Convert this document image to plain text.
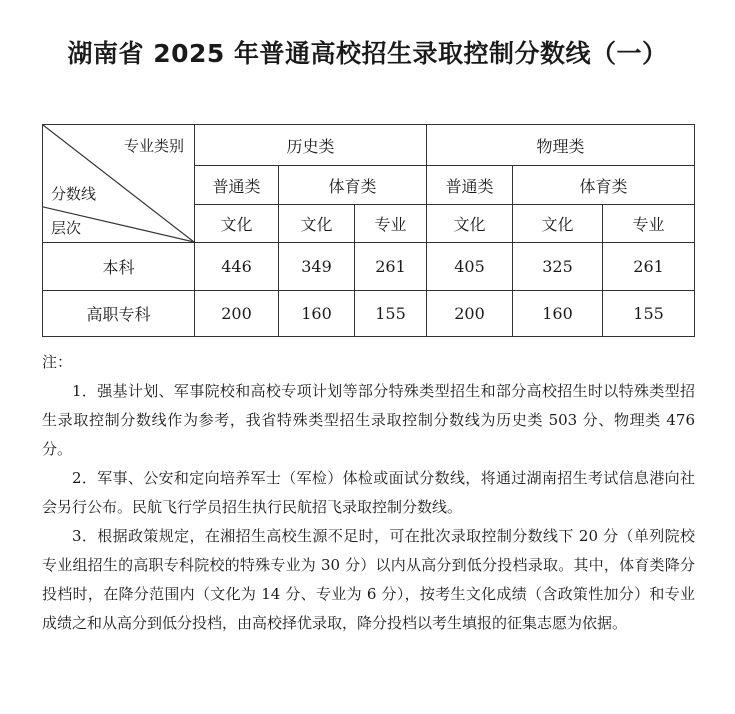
湖南省 2025 年普通高校招生录取控制分数线（一）
专业类别
分数线
层次	历史类			物理类		
	普通类	体育类		普通类	体育类	
	文化	文化	专业	文化	文化	专业
本科	446	349	261	405	325	261
高职专科	200	160	155	200	160	155

注：

1．强基计划、军事院校和高校专项计划等部分特殊类型招生和部分高校招生时以特殊类型招生录取控制分数线作为参考，我省特殊类型招生录取控制分数线为历史类 503 分、物理类 476 分。

2．军事、公安和定向培养军士（军检）体检或面试分数线，将通过湖南招生考试信息港向社会另行公布。民航飞行学员招生执行民航招飞录取控制分数线。

3．根据政策规定，在湘招生高校生源不足时，可在批次录取控制分数线下 20 分（单列院校专业组招生的高职专科院校的特殊专业为 30 分）以内从高分到低分投档录取。其中，体育类降分投档时，在降分范围内（文化为 14 分、专业为 6 分），按考生文化成绩（含政策性加分）和专业成绩之和从高分到低分投档，由高校择优录取，降分投档以考生填报的征集志愿为依据。
